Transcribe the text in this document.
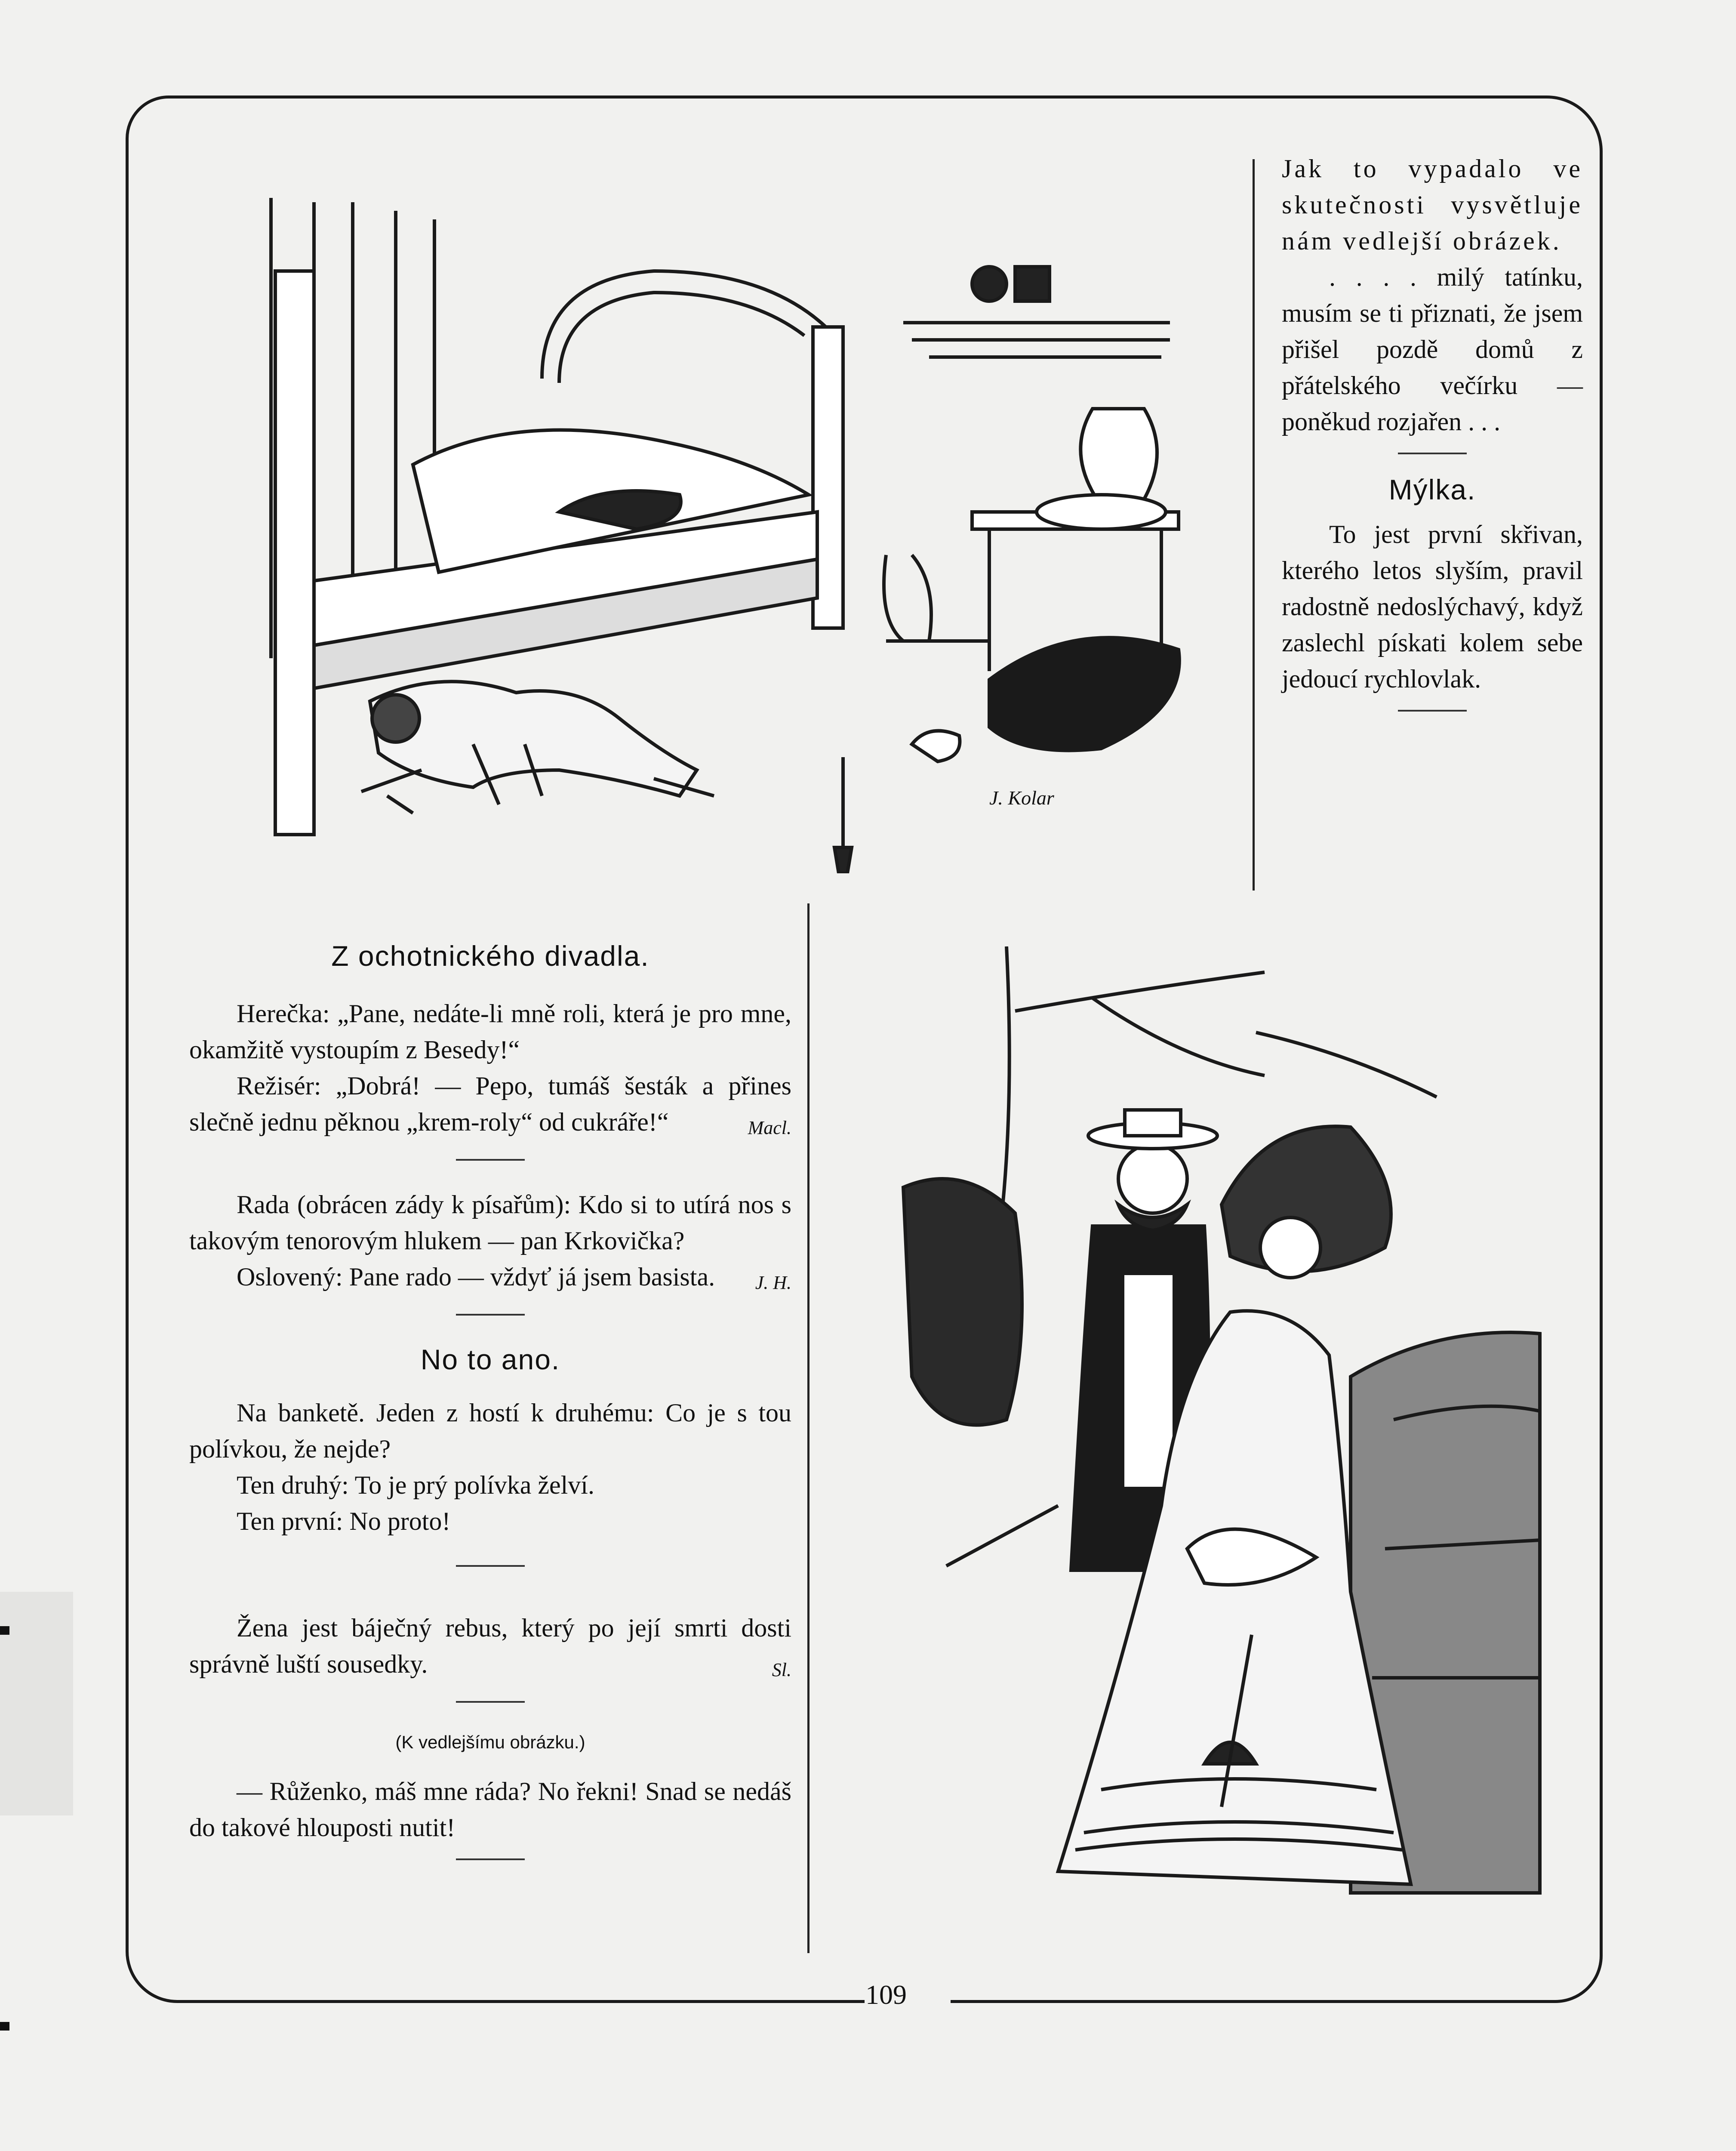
109
J. Kolar

Jak to vypadalo ve skutečnosti vysvětluje nám vedlejší obrázek.

. . . . milý tatínku, musím se ti přiznati, že jsem přišel pozdě domů z přátelského večírku — poněkud rozjařen . . .

Mýlka.

To jest první skřivan, kterého letos slyším, pravil radostně nedoslýchavý, když zaslechl pískati kolem sebe jedoucí rychlovlak.

Z ochotnického divadla.

Herečka: „Pane, nedáte-li mně roli, která je pro mne, okamžitě vystoupím z Besedy!“

Režisér: „Dobrá! — Pepo, tumáš šesták a přines slečně jednu pěknou „krem-roly“ od cukráře!“	Macl.

Rada (obrácen zády k písařům): Kdo si to utírá nos s takovým tenorovým hlukem — pan Krkovička?

Oslovený: Pane rado — vždyť já jsem basista.	J. H.

No to ano.

Na banketě. Jeden z hostí k druhému: Co je s tou polívkou, že nejde?

Ten druhý: To je prý polívka želví.

Ten první: No proto!

Žena jest báječný rebus, který po její smrti dosti správně luští sousedky.	Sl.

(K vedlejšímu obrázku.)

— Růženko, máš mne ráda? No řekni! Snad se nedáš do takové hlouposti nutit!
